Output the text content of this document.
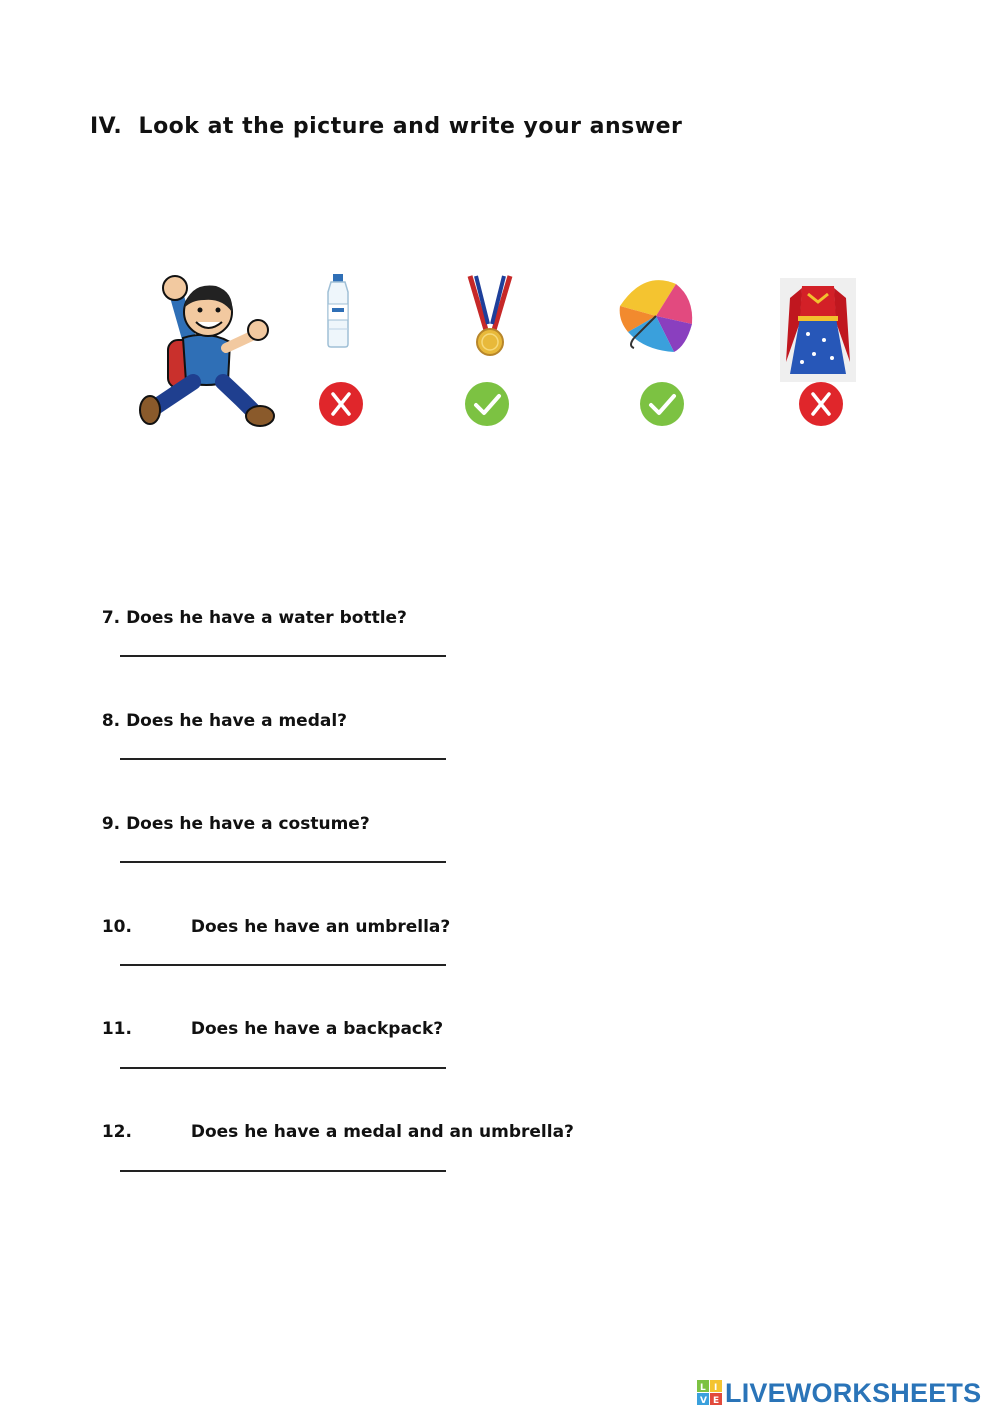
IV.  Look at the picture and write your answer

7. Does he have a water bottle?

8. Does he have a medal?

9. Does he have a costume?

10.	Does he have an umbrella?

11.	Does he have a backpack?

12.	Does he have a medal and an umbrella?

L I
V E LIVEWORKSHEETS
